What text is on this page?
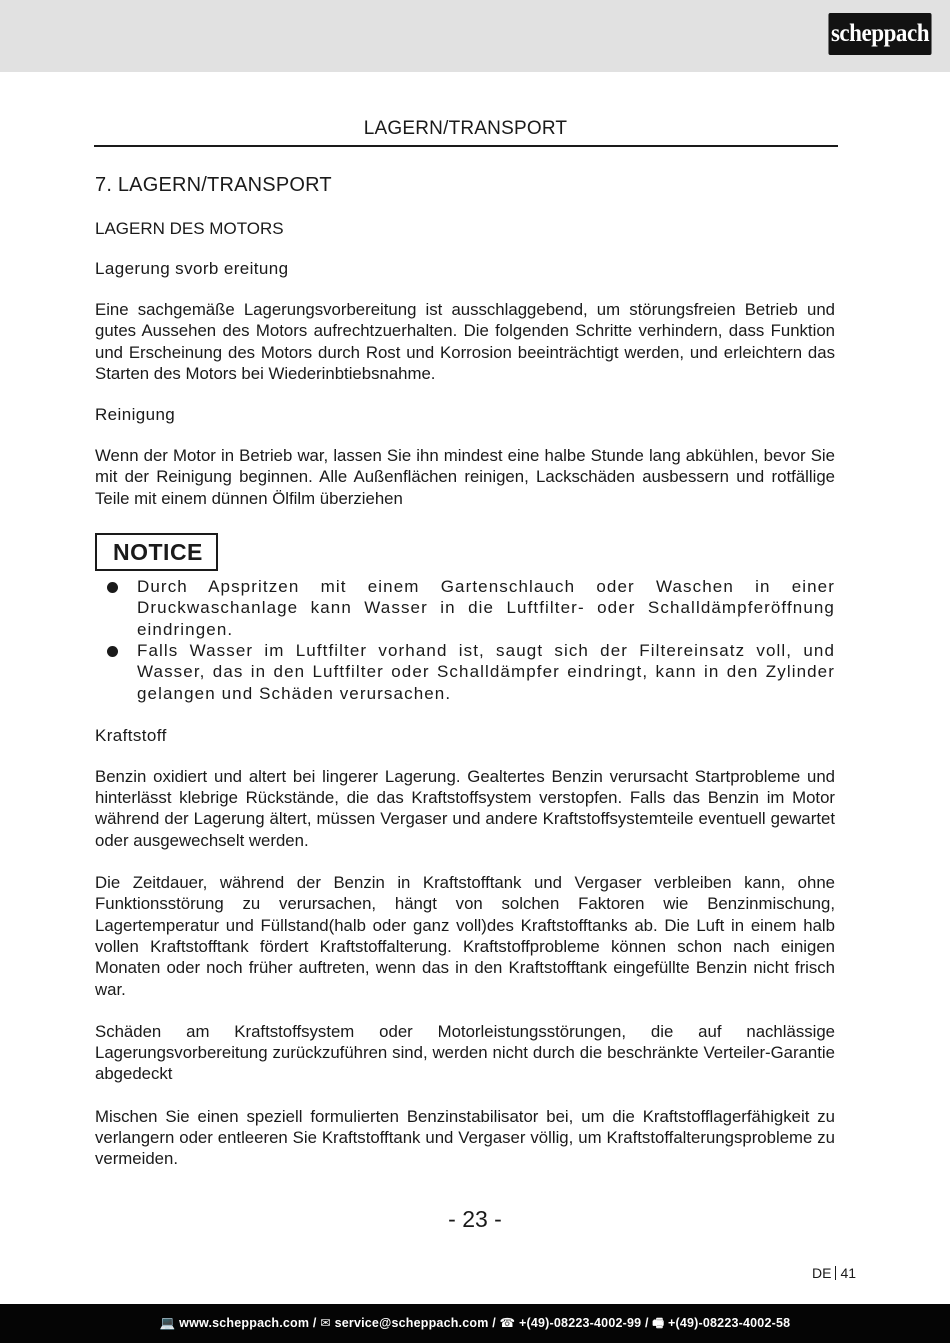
scheppach
LAGERN/TRANSPORT
7. LAGERN/TRANSPORT
LAGERN DES MOTORS
Lagerung svorb ereitung

Eine sachgemäße Lagerungsvorbereitung ist ausschlaggebend, um störungsfreien Betrieb und gutes Aussehen des Motors aufrechtzuerhalten. Die folgenden Schritte verhindern, dass Funktion und Erscheinung des Motors durch Rost und Korrosion beeinträchtigt werden, und erleichtern das Starten des Motors bei Wiederinbtiebsnahme.

Reinigung

Wenn der Motor in Betrieb war, lassen Sie ihn mindest eine halbe Stunde lang abkühlen, bevor Sie mit der Reinigung beginnen. Alle Außenflächen reinigen, Lackschäden ausbessern und rotfällige Teile mit einem dünnen Ölfilm überziehen

NOTICE
Durch Apspritzen mit einem Gartenschlauch oder Waschen in einer Druckwaschanlage kann Wasser in die Luftfilter- oder Schalldämpferöffnung eindringen.
Falls Wasser im Luftfilter vorhand ist, saugt sich der Filtereinsatz voll, und Wasser, das in den Luftfilter oder Schalldämpfer eindringt, kann in den Zylinder gelangen und Schäden verursachen.
Kraftstoff

Benzin oxidiert und altert bei lingerer Lagerung. Gealtertes Benzin verursacht Startprobleme und hinterlässt klebrige Rückstände, die das Kraftstoffsystem verstopfen. Falls das Benzin im Motor während der Lagerung ältert, müssen Vergaser und andere Kraftstoffsystemteile eventuell gewartet oder ausgewechselt werden.

Die Zeitdauer, während der Benzin in Kraftstofftank und Vergaser verbleiben kann, ohne Funktionsstörung zu verursachen, hängt von solchen Faktoren wie Benzinmischung, Lagertemperatur und Füllstand(halb oder ganz voll)des Kraftstofftanks ab. Die Luft in einem halb vollen Kraftstofftank fördert Kraftstoffalterung. Kraftstoffprobleme können schon nach einigen Monaten oder noch früher auftreten, wenn das in den Kraftstofftank eingefüllte Benzin nicht frisch war.

Schäden am Kraftstoffsystem oder Motorleistungsstörungen, die auf nachlässige Lagerungsvorbereitung zurückzuführen sind, werden nicht durch die beschränkte Verteiler-Garantie abgedeckt

Mischen Sie einen speziell formulierten Benzinstabilisator bei, um die Kraftstofflagerfähigkeit zu verlangern oder entleeren Sie Kraftstofftank und Vergaser völlig, um Kraftstoffalterungsprobleme zu vermeiden.

- 23 -
DE 41
💻 www.scheppach.com / ✉ service@scheppach.com / ☎ +(49)-08223-4002-99 / 🖷 +(49)-08223-4002-58
